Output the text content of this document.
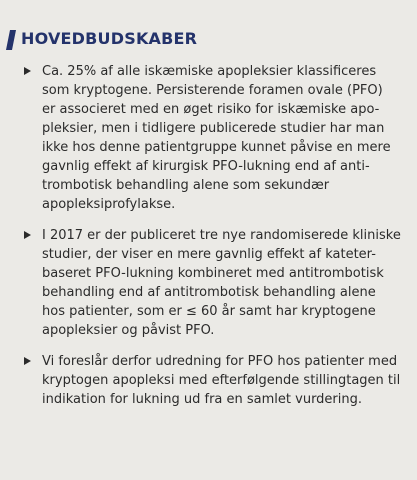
HOVEDBUDSKABER
Ca. 25% af alle iskæmiske apopleksier klassificeres
som kryptogene. Persisterende foramen ovale (PFO)
er associeret med en øget risiko for iskæmiske apo-
pleksier, men i tidligere publicerede studier har man
ikke hos denne patientgruppe kunnet påvise en mere
gavnlig effekt af kirurgisk PFO-lukning end af anti-
trombotisk behandling alene som sekundær
apopleksiprofylakse.
I 2017 er der publiceret tre nye randomiserede kliniske
studier, der viser en mere gavnlig effekt af kateter-
baseret PFO-lukning kombineret med antitrombotisk
behandling end af antitrombotisk behandling alene
hos patienter, som er ≤ 60 år samt har kryptogene
apopleksier og påvist PFO.
Vi foreslår derfor udredning for PFO hos patienter med
kryptogen apopleksi med efterfølgende stillingtagen til
indikation for lukning ud fra en samlet vurdering.
